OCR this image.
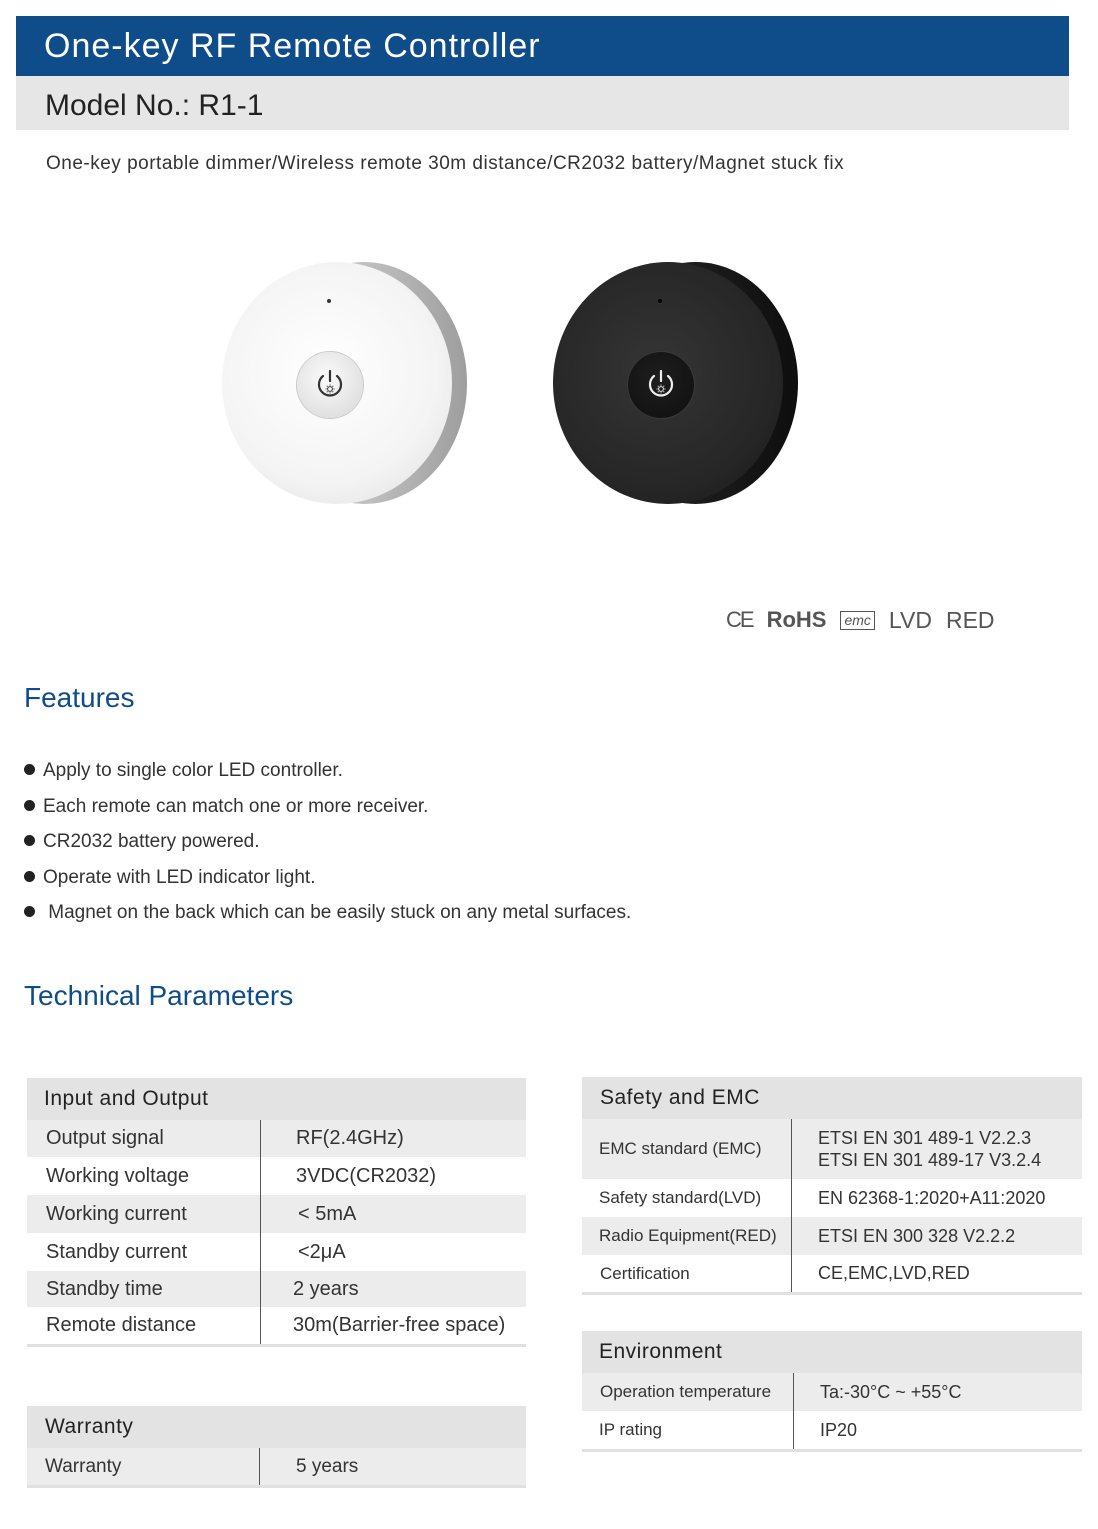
One-key RF Remote Controller
Model No.: R1-1
One-key portable dimmer/Wireless remote 30m distance/CR2032 battery/Magnet stuck fix
CE RoHS emc LVD RED
Features
Apply to single color LED controller.
Each remote can match one or more receiver.
CR2032 battery powered.
Operate with LED indicator light.
Magnet on the back which can be easily stuck on any metal surfaces.
Technical Parameters
Input and Output	
Output signal	RF(2.4GHz)
Working voltage	3VDC(CR2032)
Working current	< 5mA
Standby current	<2μA
Standby time	2 years
Remote distance	30m(Barrier-free space)
Warranty
Warranty	5 years
Safety and EMC	
EMC standard (EMC)	ETSI EN 301 489-1 V2.2.3
ETSI EN 301 489-17 V3.2.4

Safety standard(LVD)	EN 62368-1:2020+A11:2020
Radio Equipment(RED)	ETSI EN 300 328 V2.2.2
Certification	CE,EMC,LVD,RED
Environment	
Operation temperature	Ta:-30°C ~ +55°C
IP rating	IP20
